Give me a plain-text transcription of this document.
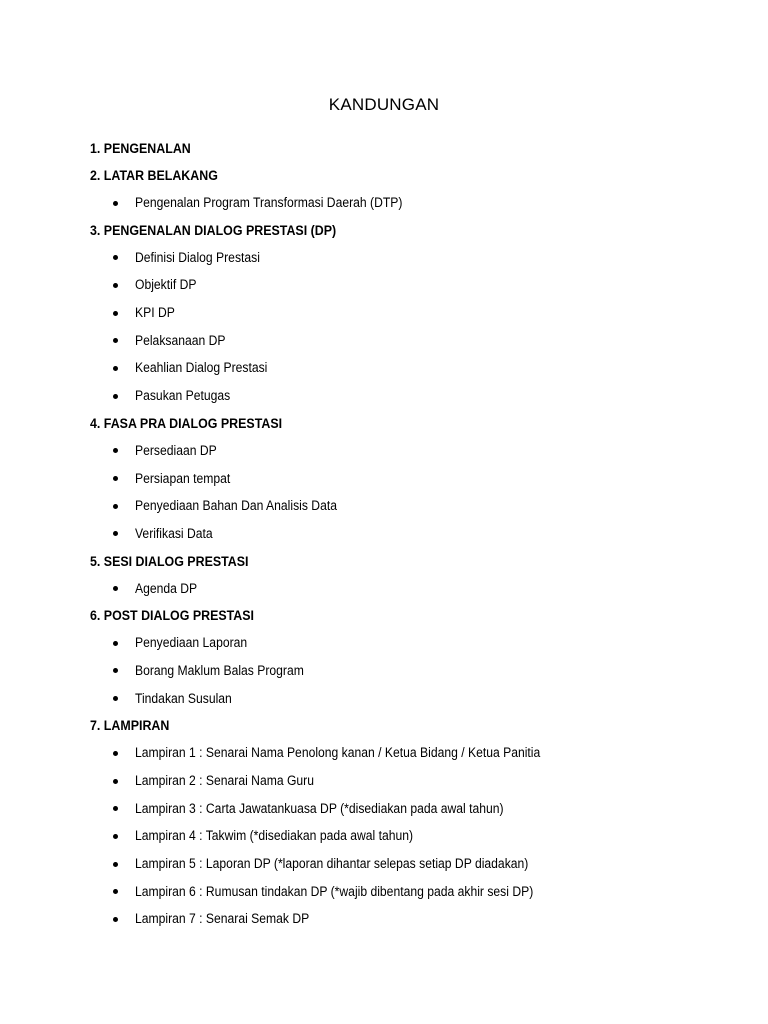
KANDUNGAN
1. PENGENALAN
2. LATAR BELAKANG
Pengenalan Program Transformasi Daerah (DTP)
3. PENGENALAN DIALOG PRESTASI (DP)
Definisi Dialog Prestasi
Objektif DP
KPI DP
Pelaksanaan DP
Keahlian Dialog Prestasi
Pasukan Petugas
4. FASA PRA DIALOG PRESTASI
Persediaan DP
Persiapan tempat
Penyediaan Bahan Dan Analisis Data
Verifikasi Data
5. SESI DIALOG PRESTASI
Agenda DP
6. POST DIALOG PRESTASI
Penyediaan Laporan
Borang Maklum Balas Program
Tindakan Susulan
7. LAMPIRAN
Lampiran 1 : Senarai Nama Penolong kanan / Ketua Bidang / Ketua Panitia
Lampiran 2 : Senarai Nama Guru
Lampiran 3 : Carta Jawatankuasa DP (*disediakan pada awal tahun)
Lampiran 4 : Takwim (*disediakan pada awal tahun)
Lampiran 5 : Laporan DP (*laporan dihantar selepas setiap DP diadakan)
Lampiran 6 : Rumusan tindakan DP (*wajib dibentang pada akhir sesi DP)
Lampiran 7 : Senarai Semak DP
